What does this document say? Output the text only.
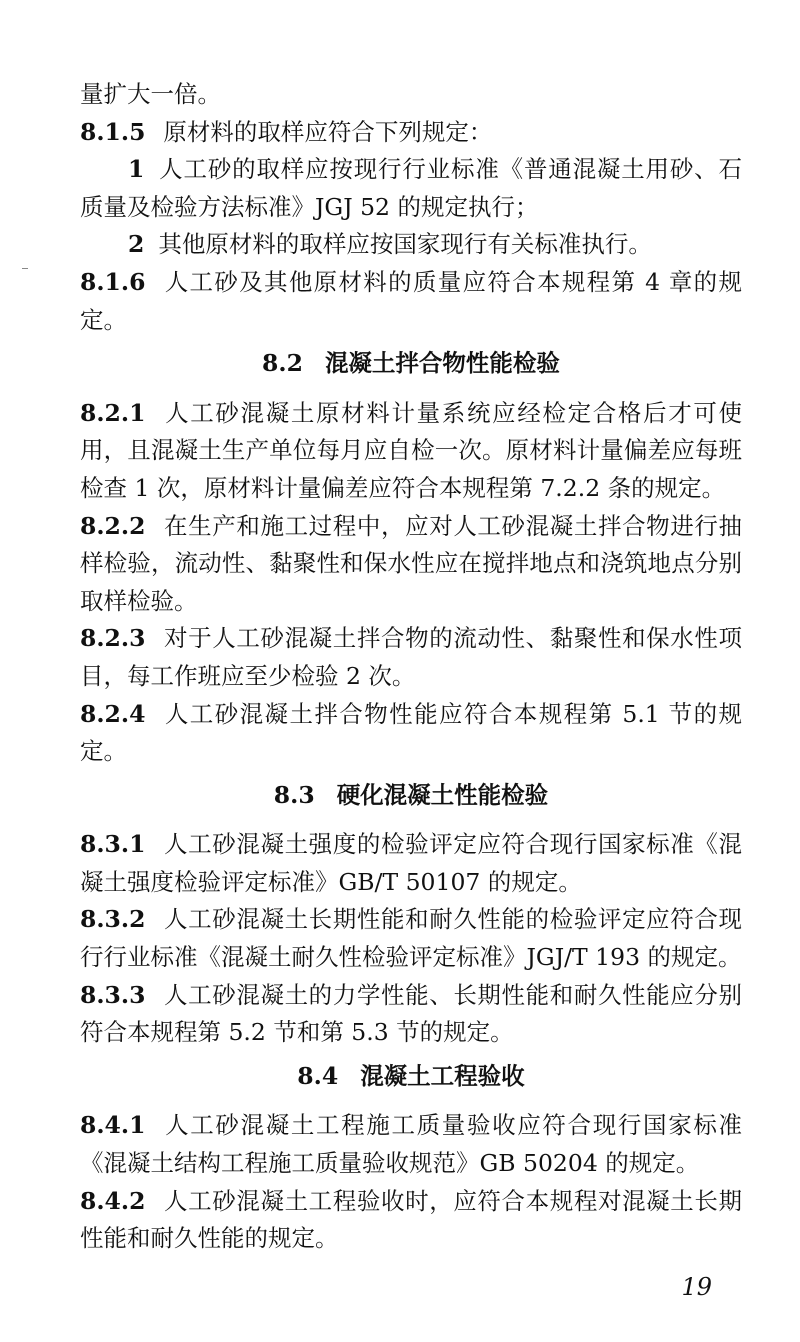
量扩大一倍。

8.1.5 原材料的取样应符合下列规定：

1 人工砂的取样应按现行行业标准《普通混凝土用砂、石质量及检验方法标准》JGJ 52 的规定执行；

2 其他原材料的取样应按国家现行有关标准执行。

8.1.6 人工砂及其他原材料的质量应符合本规程第 4 章的规定。

8.2 混凝土拌合物性能检验

8.2.1 人工砂混凝土原材料计量系统应经检定合格后才可使用，且混凝土生产单位每月应自检一次。原材料计量偏差应每班检查 1 次，原材料计量偏差应符合本规程第 7.2.2 条的规定。

8.2.2 在生产和施工过程中，应对人工砂混凝土拌合物进行抽样检验，流动性、黏聚性和保水性应在搅拌地点和浇筑地点分别取样检验。

8.2.3 对于人工砂混凝土拌合物的流动性、黏聚性和保水性项目，每工作班应至少检验 2 次。

8.2.4 人工砂混凝土拌合物性能应符合本规程第 5.1 节的规定。

8.3 硬化混凝土性能检验

8.3.1 人工砂混凝土强度的检验评定应符合现行国家标准《混凝土强度检验评定标准》GB/T 50107 的规定。

8.3.2 人工砂混凝土长期性能和耐久性能的检验评定应符合现行行业标准《混凝土耐久性检验评定标准》JGJ/T 193 的规定。

8.3.3 人工砂混凝土的力学性能、长期性能和耐久性能应分别符合本规程第 5.2 节和第 5.3 节的规定。

8.4 混凝土工程验收

8.4.1 人工砂混凝土工程施工质量验收应符合现行国家标准《混凝土结构工程施工质量验收规范》GB 50204 的规定。

8.4.2 人工砂混凝土工程验收时，应符合本规程对混凝土长期性能和耐久性能的规定。

19
